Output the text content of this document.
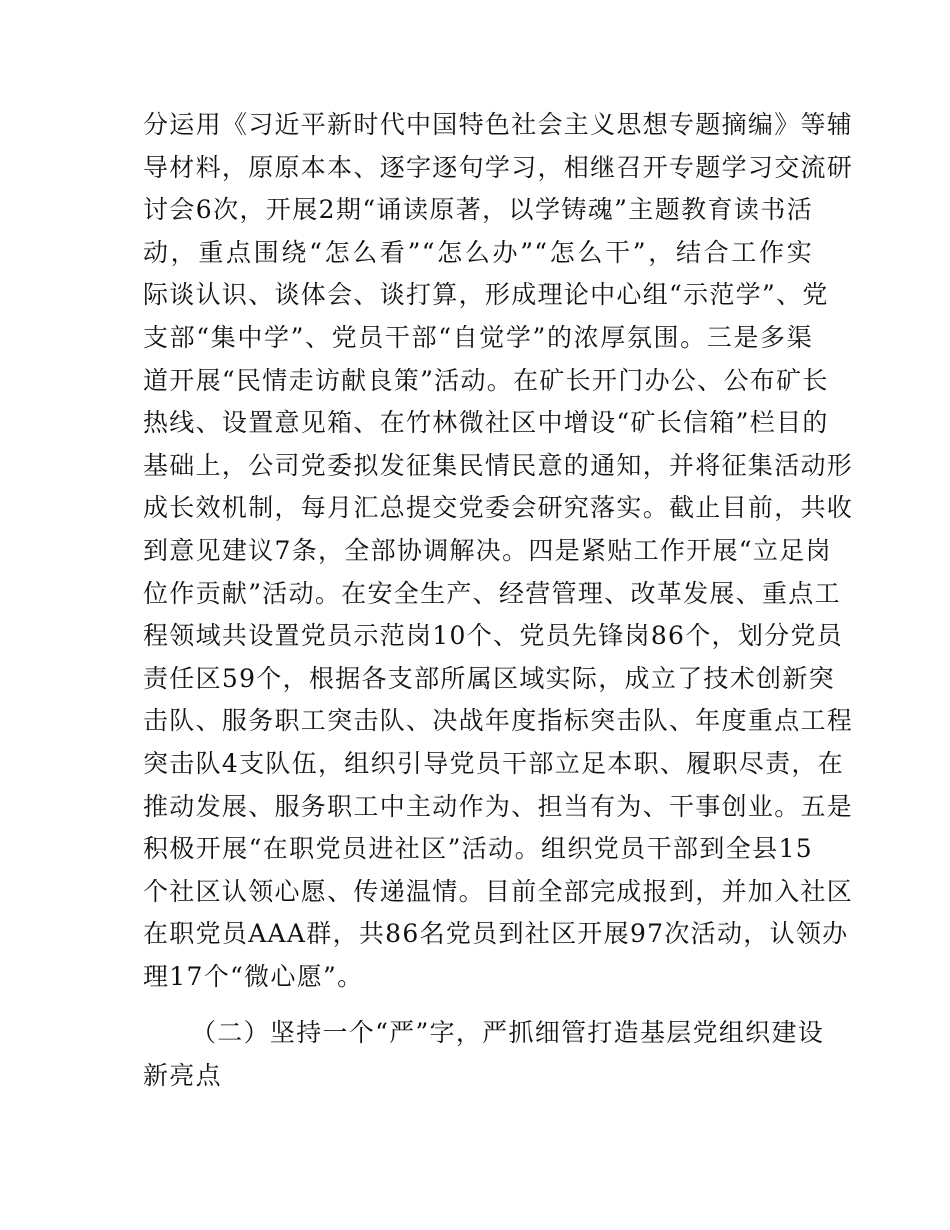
分运用《习近平新时代中国特色社会主义思想专题摘编》等辅
导材料，原原本本、逐字逐句学习，相继召开专题学习交流研
讨会6次，开展2期“诵读原著，以学铸魂”主题教育读书活
动，重点围绕“怎么看”“怎么办”“怎么干”，结合工作实
际谈认识、谈体会、谈打算，形成理论中心组“示范学”、党
支部“集中学”、党员干部“自觉学”的浓厚氛围。三是多渠
道开展“民情走访献良策”活动。在矿长开门办公、公布矿长
热线、设置意见箱、在竹林微社区中增设“矿长信箱”栏目的
基础上，公司党委拟发征集民情民意的通知，并将征集活动形
成长效机制，每月汇总提交党委会研究落实。截止目前，共收
到意见建议7条，全部协调解决。四是紧贴工作开展“立足岗
位作贡献”活动。在安全生产、经营管理、改革发展、重点工
程领域共设置党员示范岗10个、党员先锋岗86个，划分党员
责任区59个，根据各支部所属区域实际，成立了技术创新突
击队、服务职工突击队、决战年度指标突击队、年度重点工程
突击队4支队伍，组织引导党员干部立足本职、履职尽责，在
推动发展、服务职工中主动作为、担当有为、干事创业。五是
积极开展“在职党员进社区”活动。组织党员干部到全县15
个社区认领心愿、传递温情。目前全部完成报到，并加入社区
在职党员AAA群，共86名党员到社区开展97次活动，认领办
理17个“微心愿”。
（二）坚持一个“严”字，严抓细管打造基层党组织建设
新亮点
